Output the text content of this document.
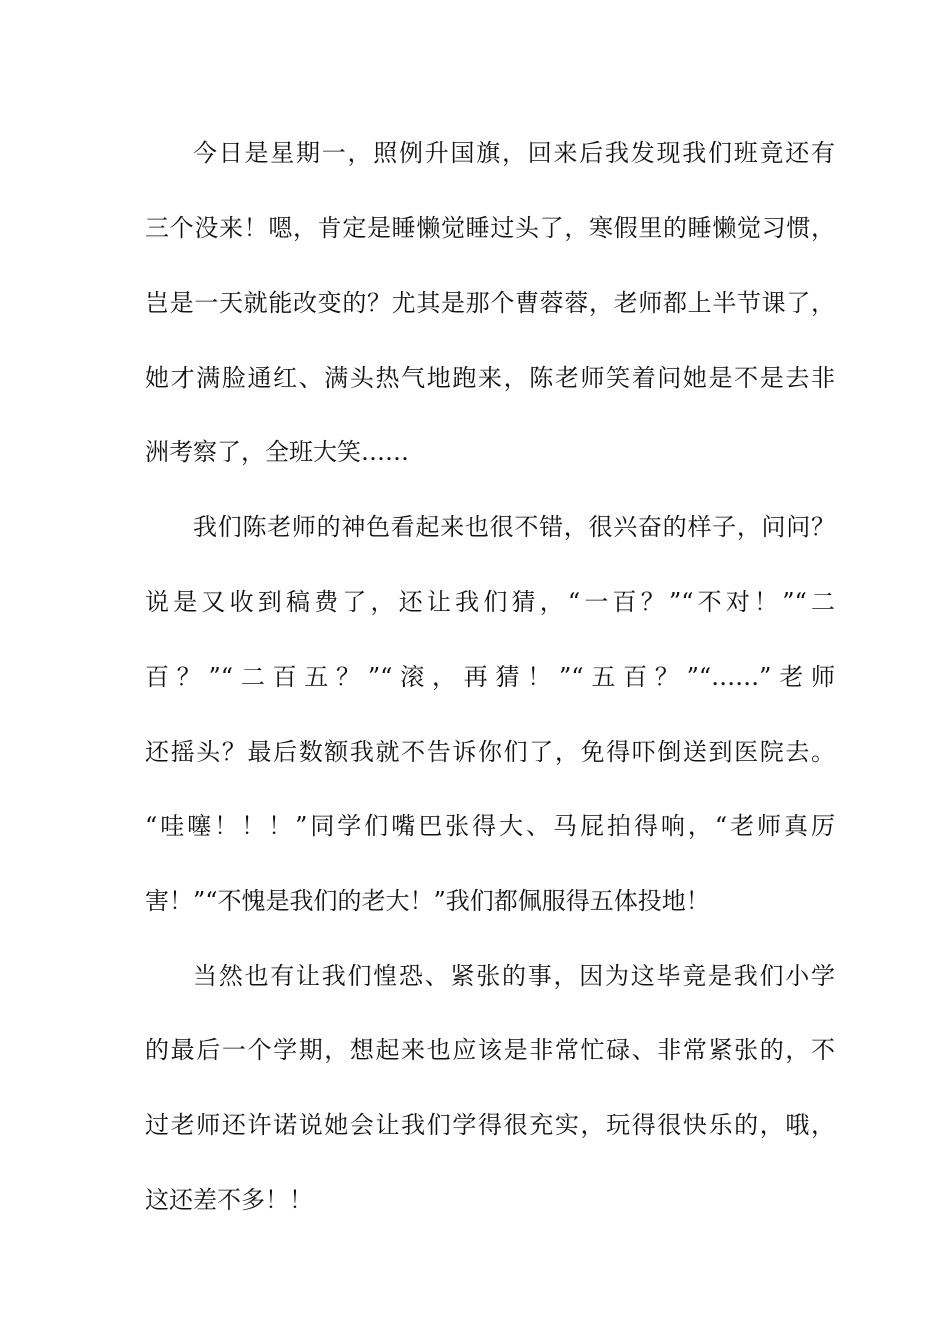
今日是星期一，照例升国旗，回来后我发现我们班竟还有
三个没来！嗯，肯定是睡懒觉睡过头了，寒假里的睡懒觉习惯，
岂是一天就能改变的？尤其是那个曹蓉蓉，老师都上半节课了，
她才满脸通红、满头热气地跑来，陈老师笑着问她是不是去非
洲考察了，全班大笑……
我们陈老师的神色看起来也很不错，很兴奋的样子，问问？
说是又收到稿费了，还让我们猜，“一百？”“不对！”“二
百？”“二百五？”“滚，再猜！”“五百？”“……”老师
还摇头？最后数额我就不告诉你们了，免得吓倒送到医院去。
“哇噻！！！”同学们嘴巴张得大、马屁拍得响，“老师真厉
害！”“不愧是我们的老大！”我们都佩服得五体投地！
当然也有让我们惶恐、紧张的事，因为这毕竟是我们小学
的最后一个学期，想起来也应该是非常忙碌、非常紧张的，不
过老师还许诺说她会让我们学得很充实，玩得很快乐的，哦，
这还差不多！！
